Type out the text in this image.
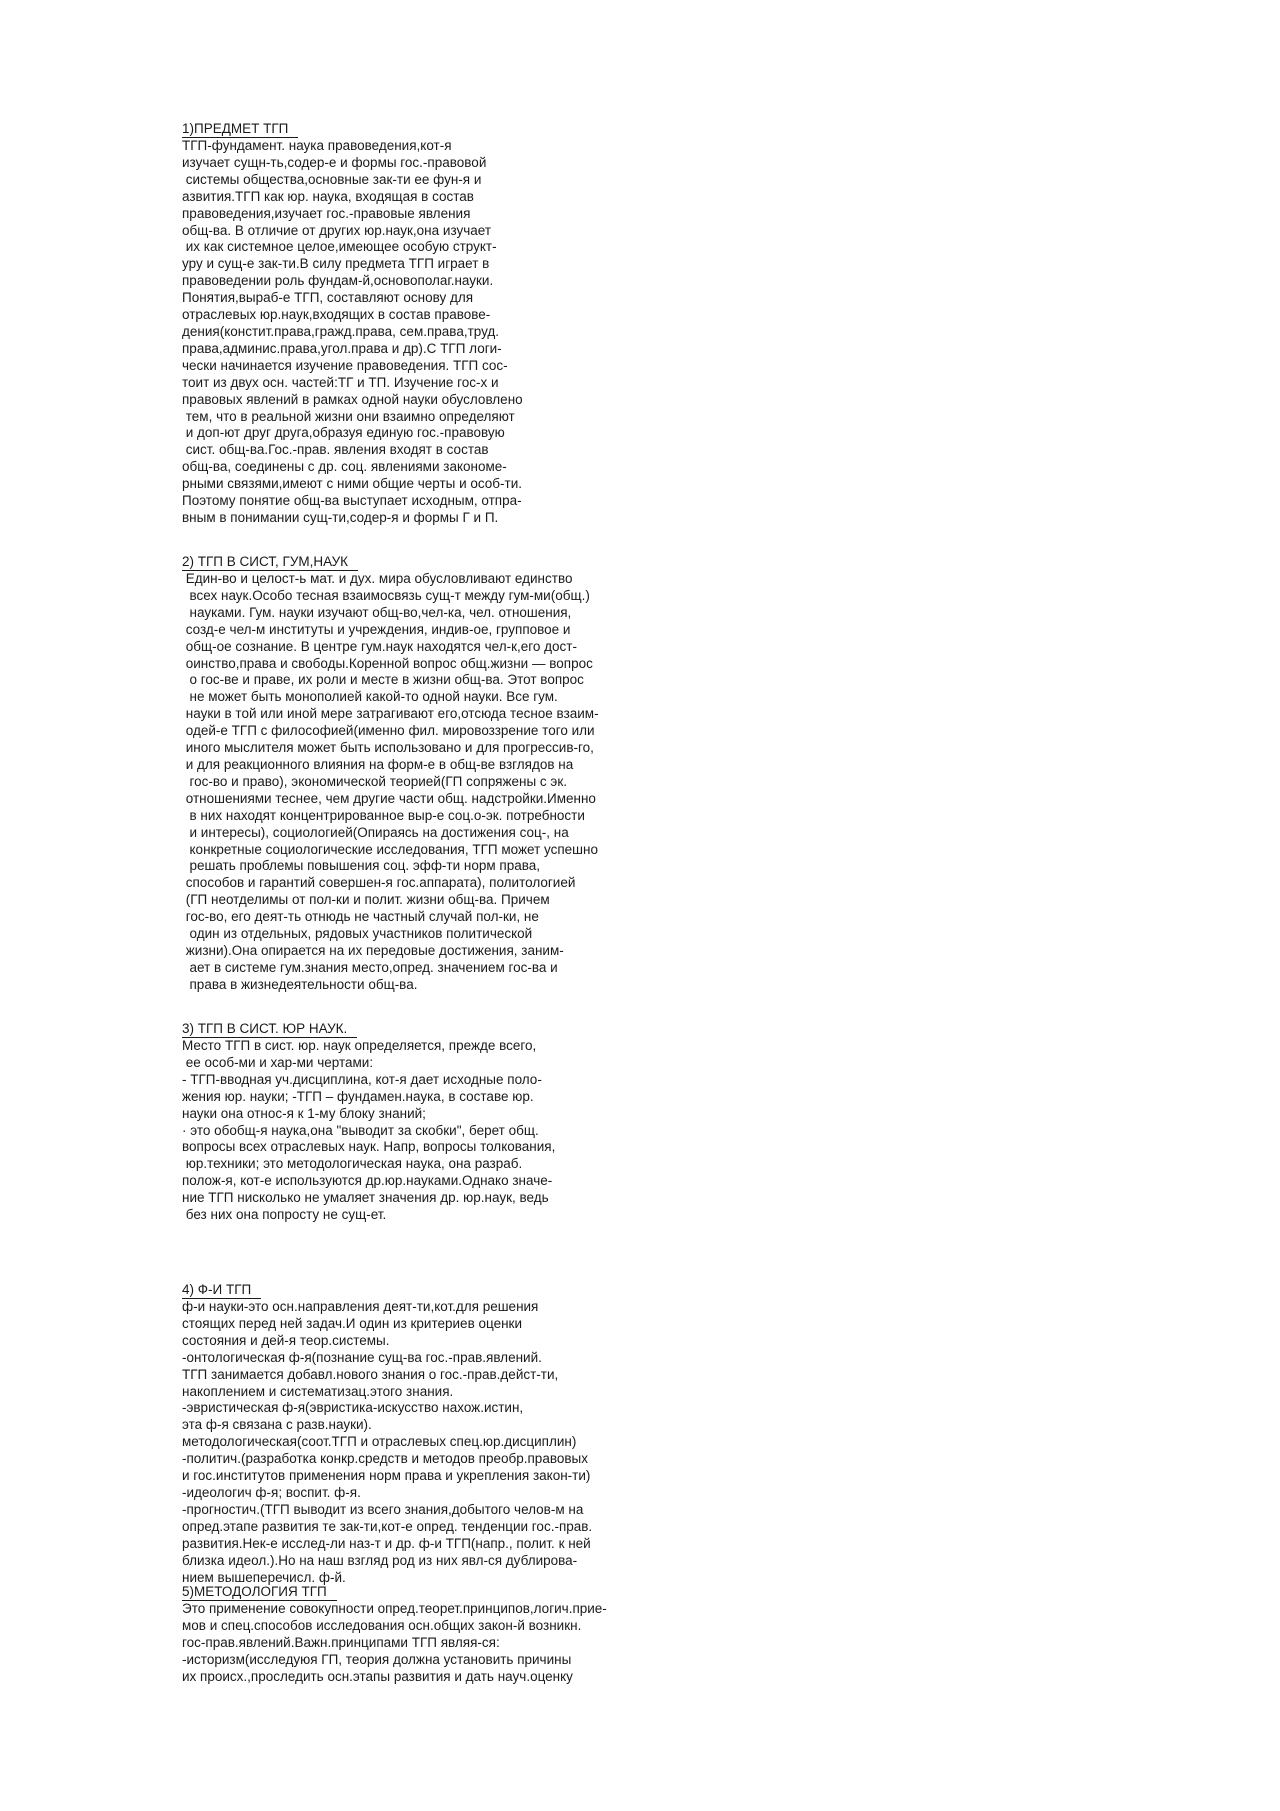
1)ПРЕДМЕТ ТГП
ТГП-фундамент. наука правоведения,кот-я
изучает сущн-ть,содер-е и формы гос.-правовой
системы общества,основные зак-ти ее фун-я и
азвития.ТГП как юр. наука, входящая в состав
правоведения,изучает гос.-правовые явления
общ-ва. В отличие от других юр.наук,она изучает
их как системное целое,имеющее особую структ-
уру и сущ-е зак-ти.В силу предмета ТГП играет в
правоведении роль фундам-й,основополаг.науки.
Понятия,выраб-е ТГП, составляют основу для
отраслевых юр.наук,входящих в состав правове-
дения(констит.права,гражд.права, сем.права,труд.
права,админис.права,угол.права и др).С ТГП логи-
чески начинается изучение правоведения. ТГП сос-
тоит из двух осн. частей:ТГ и ТП. Изучение гос-х и
правовых явлений в рамках одной науки обусловлено
тем, что в реальной жизни они взаимно определяют
и доп-ют друг друга,образуя единую гос.-правовую
сист. общ-ва.Гос.-прав. явления входят в состав
общ-ва, соединены с др. соц. явлениями закономе-
рными связями,имеют с ними общие черты и особ-ти.
Поэтому понятие общ-ва выступает исходным, отпра-
вным в понимании сущ-ти,содер-я и формы Г и П.
2) ТГП В СИСТ, ГУМ,НАУК
Един-во и целост-ь мат. и дух. мира обусловливают единство
всех наук.Особо тесная взаимосвязь сущ-т между гум-ми(общ.)
науками. Гум. науки изучают общ-во,чел-ка, чел. отношения,
созд-е чел-м институты и учреждения, индив-ое, групповое и
общ-ое сознание. В центре гум.наук находятся чел-к,его дост-
оинство,права и свободы.Коренной вопрос общ.жизни — вопрос
о гос-ве и праве, их роли и месте в жизни общ-ва. Этот вопрос
не может быть монополией какой-то одной науки. Все гум.
науки в той или иной мере затрагивают его,отсюда тесное взаим-
одей-е ТГП с философией(именно фил. мировоззрение того или
иного мыслителя может быть использовано и для прогрессив-го,
и для реакционного влияния на форм-е в общ-ве взглядов на
гос-во и право), экономической теорией(ГП сопряжены с эк.
отношениями теснее, чем другие части общ. надстройки.Именно
в них находят концентрированное выр-е соц.о-эк. потребности
и интересы), социологией(Опираясь на достижения соц-, на
конкретные социологические исследования, ТГП может успешно
решать проблемы повышения соц. эфф-ти норм права,
способов и гарантий совершен-я гос.аппарата), политологией
(ГП неотделимы от пол-ки и полит. жизни общ-ва. Причем
гос-во, его деят-ть отнюдь не частный случай пол-ки, не
один из отдельных, рядовых участников политической
жизни).Она опирается на их передовые достижения, заним-
ает в системе гум.знания место,опред. значением гос-ва и
права в жизнедеятельности общ-ва.
3) ТГП В СИСТ. ЮР НАУК.
Место ТГП в сист. юр. наук определяется, прежде всего,
ее особ-ми и хар-ми чертами:
- ТГП-вводная уч.дисциплина, кот-я дает исходные поло-
жения юр. науки; -ТГП – фундамен.наука, в составе юр.
науки она относ-я к 1-му блоку знаний;
· это обобщ-я наука,она "выводит за скобки", берет общ.
вопросы всех отраслевых наук. Напр, вопросы толкования,
юр.техники; это методологическая наука, она разраб.
полож-я, кот-е используются др.юр.науками.Однако значе-
ние ТГП нисколько не умаляет значения др. юр.наук, ведь
без них она попросту не сущ-ет.
4) Ф-И ТГП
ф-и науки-это осн.направления деят-ти,кот.для решения
стоящих перед ней задач.И один из критериев оценки
состояния и дей-я теор.системы.
-онтологическая ф-я(познание сущ-ва гос.-прав.явлений.
ТГП занимается добавл.нового знания о гос.-прав.дейст-ти,
накоплением и систематизац.этого знания.
-эвристическая ф-я(эвристика-искусство нахож.истин,
эта ф-я связана с разв.науки).
методологическая(соот.ТГП и отраслевых спец.юр.дисциплин)
-политич.(разработка конкр.средств и методов преобр.правовых
и гос.институтов применения норм права и укрепления закон-ти)
-идеологич ф-я; воспит. ф-я.
-прогностич.(ТГП выводит из всего знания,добытого челов-м на
опред.этапе развития те зак-ти,кот-е опред. тенденции гос.-прав.
развития.Нек-е исслед-ли наз-т и др. ф-и ТГП(напр., полит. к ней
близка идеол.).Но на наш взгляд род из них явл-ся дублирова-
нием вышеперечисл. ф-й.
5)МЕТОДОЛОГИЯ ТГП
Это применение совокупности опред.теорет.принципов,логич.прие-
мов и спец.способов исследования осн.общих закон-й возникн.
гос-прав.явлений.Важн.принципами ТГП являя-ся:
-историзм(исследуюя ГП, теория должна установить причины
их происх.,проследить осн.этапы развития и дать науч.оценку
